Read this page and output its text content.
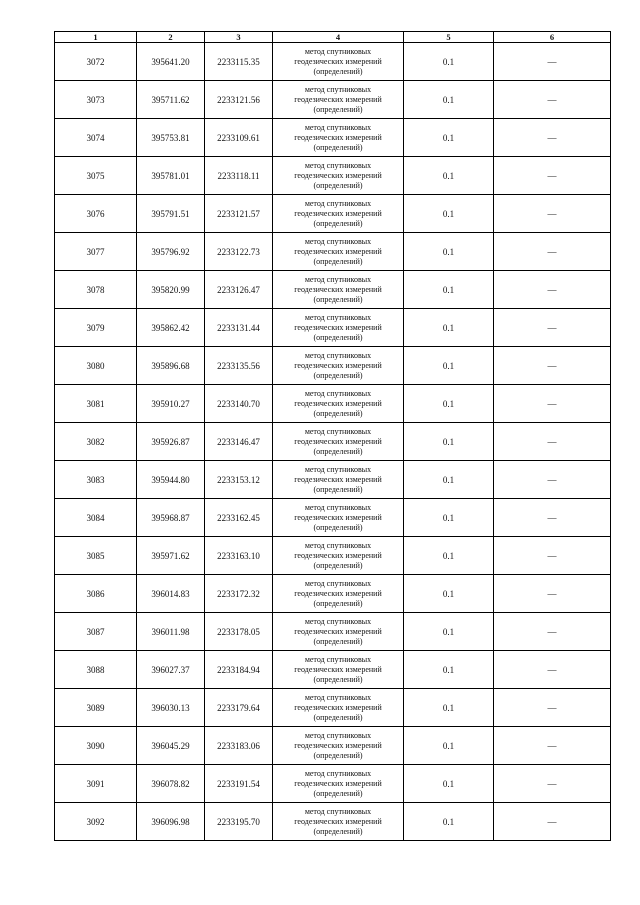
1	2	3	4	5	6
3072	395641.20	2233115.35	метод спутниковых
геодезических измерений
(определений)	0.1	—
3073	395711.62	2233121.56	метод спутниковых
геодезических измерений
(определений)	0.1	—
3074	395753.81	2233109.61	метод спутниковых
геодезических измерений
(определений)	0.1	—
3075	395781.01	2233118.11	метод спутниковых
геодезических измерений
(определений)	0.1	—
3076	395791.51	2233121.57	метод спутниковых
геодезических измерений
(определений)	0.1	—
3077	395796.92	2233122.73	метод спутниковых
геодезических измерений
(определений)	0.1	—
3078	395820.99	2233126.47	метод спутниковых
геодезических измерений
(определений)	0.1	—
3079	395862.42	2233131.44	метод спутниковых
геодезических измерений
(определений)	0.1	—
3080	395896.68	2233135.56	метод спутниковых
геодезических измерений
(определений)	0.1	—
3081	395910.27	2233140.70	метод спутниковых
геодезических измерений
(определений)	0.1	—
3082	395926.87	2233146.47	метод спутниковых
геодезических измерений
(определений)	0.1	—
3083	395944.80	2233153.12	метод спутниковых
геодезических измерений
(определений)	0.1	—
3084	395968.87	2233162.45	метод спутниковых
геодезических измерений
(определений)	0.1	—
3085	395971.62	2233163.10	метод спутниковых
геодезических измерений
(определений)	0.1	—
3086	396014.83	2233172.32	метод спутниковых
геодезических измерений
(определений)	0.1	—
3087	396011.98	2233178.05	метод спутниковых
геодезических измерений
(определений)	0.1	—
3088	396027.37	2233184.94	метод спутниковых
геодезических измерений
(определений)	0.1	—
3089	396030.13	2233179.64	метод спутниковых
геодезических измерений
(определений)	0.1	—
3090	396045.29	2233183.06	метод спутниковых
геодезических измерений
(определений)	0.1	—
3091	396078.82	2233191.54	метод спутниковых
геодезических измерений
(определений)	0.1	—
3092	396096.98	2233195.70	метод спутниковых
геодезических измерений
(определений)	0.1	—
